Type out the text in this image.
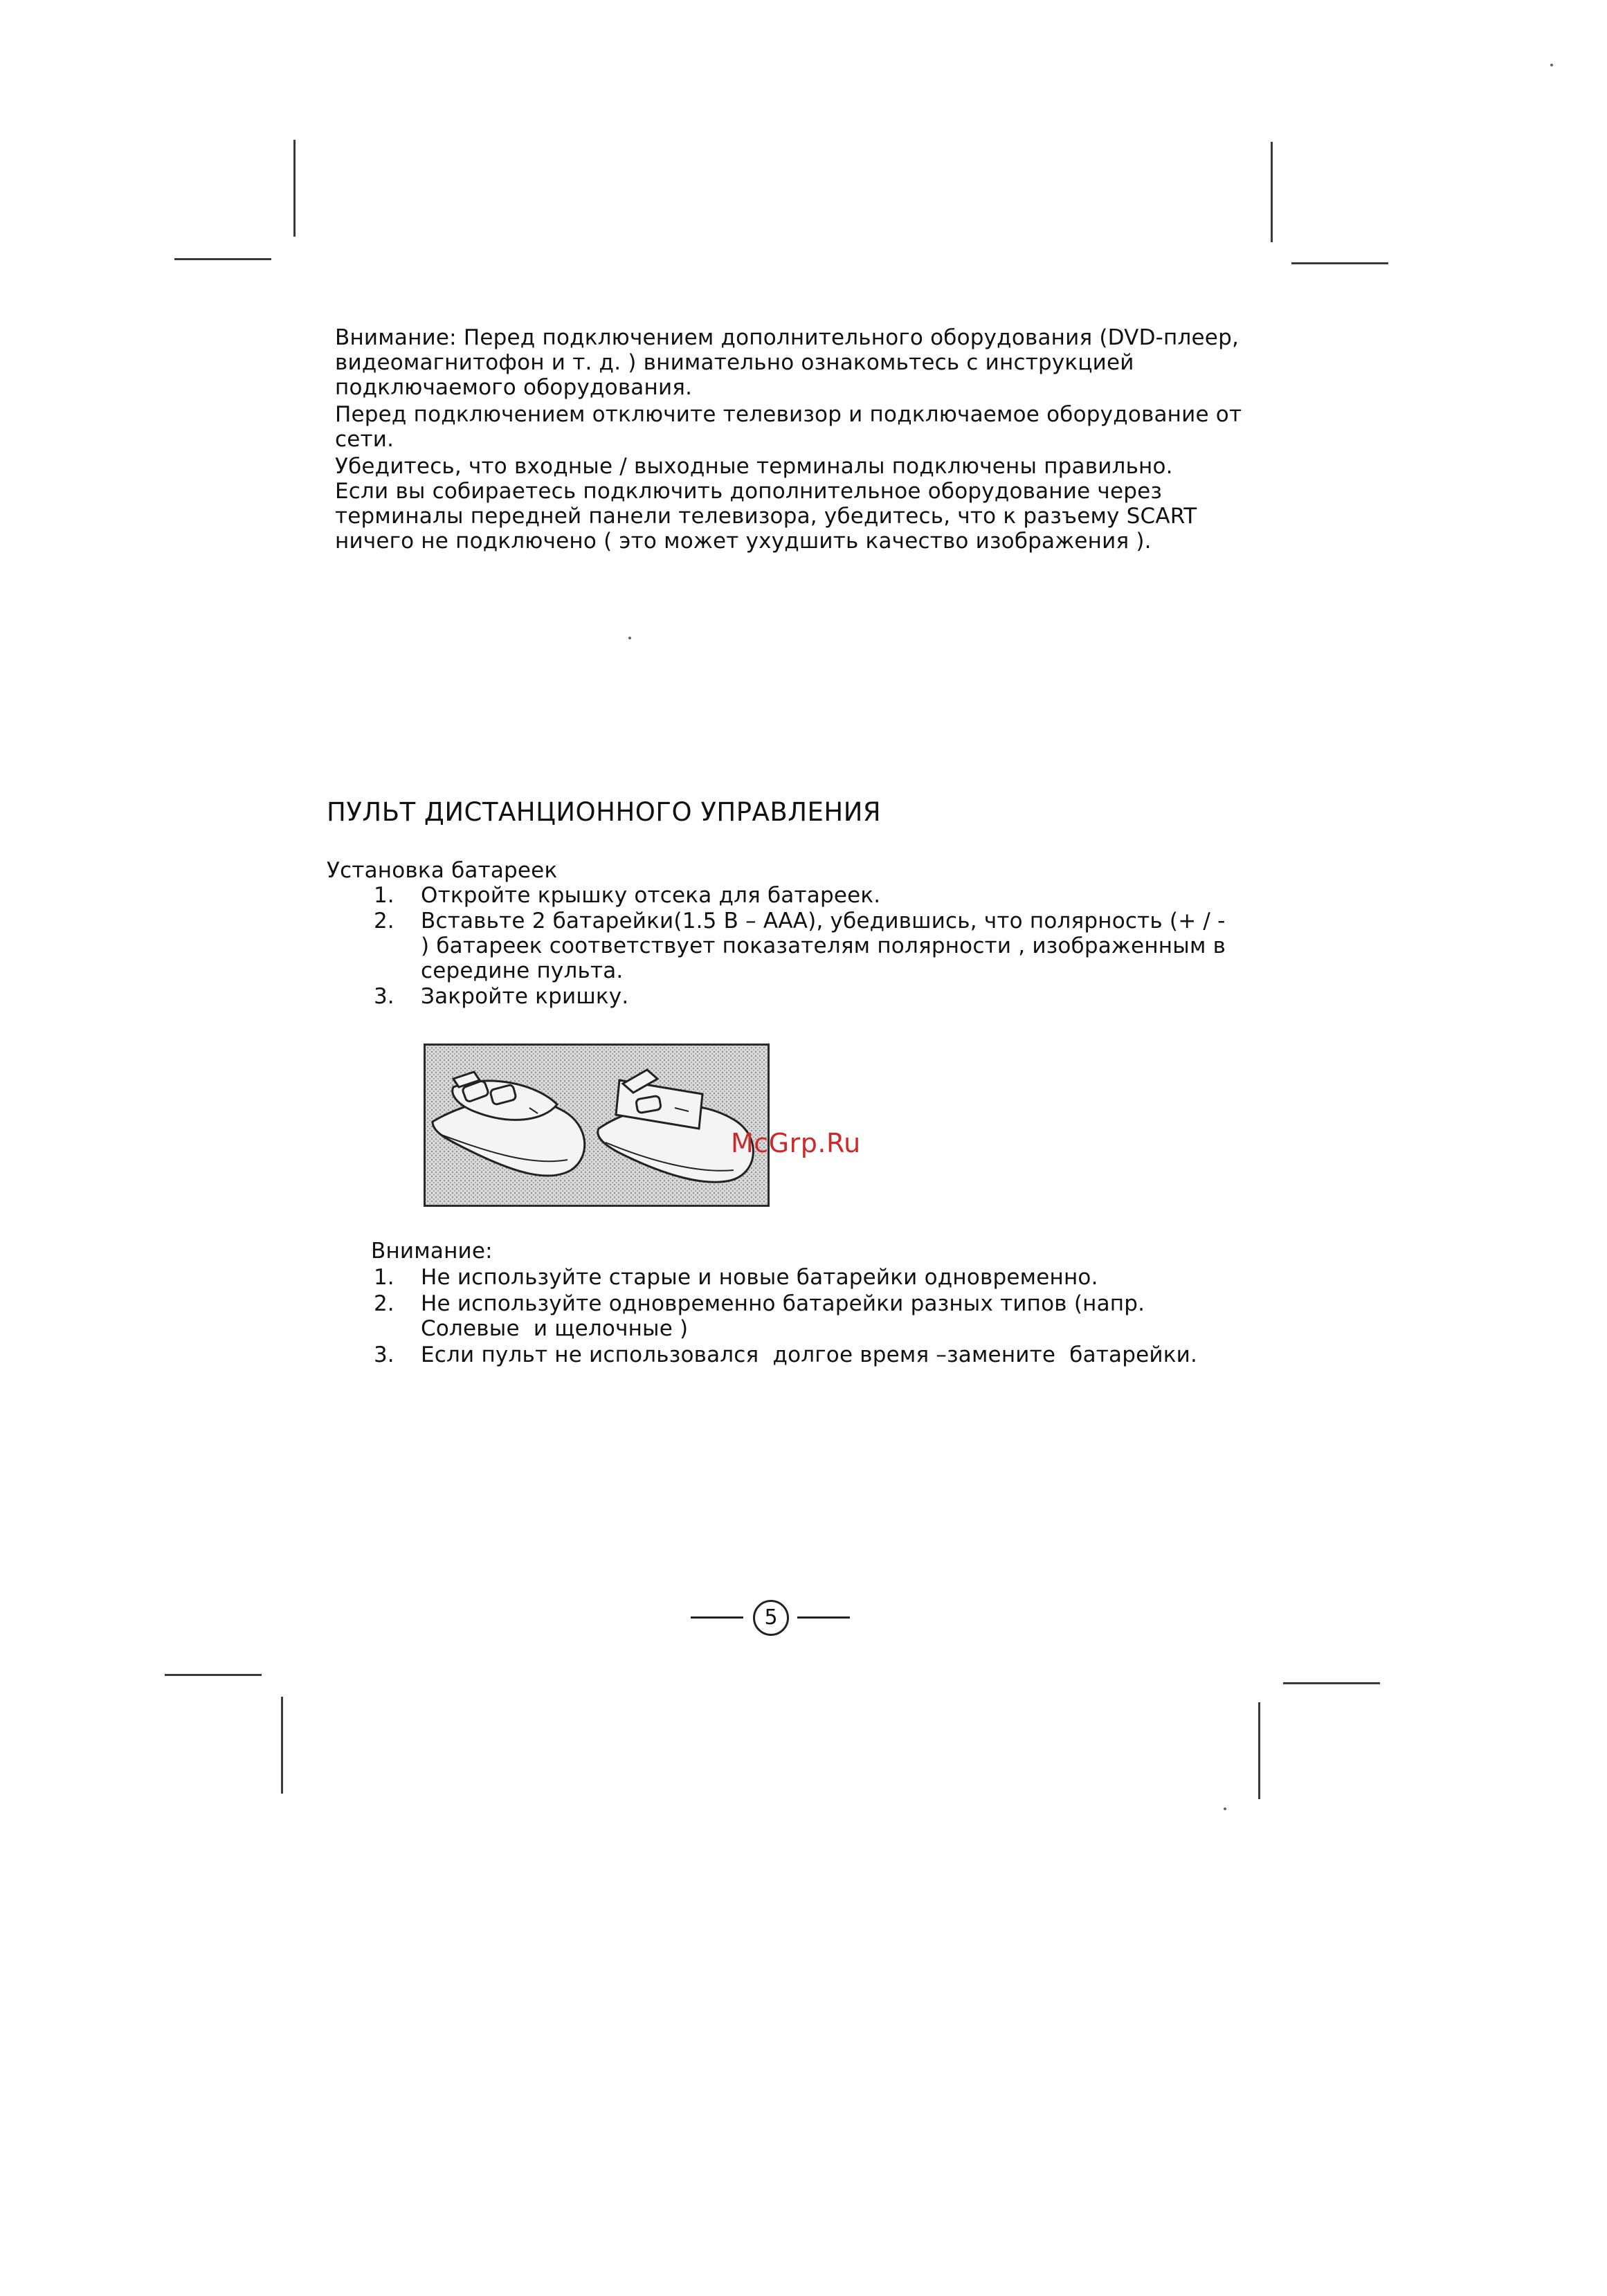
Внимание: Перед подключением дополнительного оборудования (DVD-плеер,
видеомагнитофон и т. д. ) внимательно ознакомьтесь с инструкцией
подключаемого оборудования.
Перед подключением отключите телевизор и подключаемое оборудование от
сети.
Убедитесь, что входные / выходные терминалы подключены правильно.
Если вы собираетесь подключить дополнительное оборудование через
терминалы передней панели телевизора, убедитесь, что к разъему SCART
ничего не подключено ( это может ухудшить качество изображения ).
ПУЛЬТ ДИСТАНЦИОННОГО УПРАВЛЕНИЯ
Установка батареек
1.	Откройте крышку отсека для батареек.
2.	Вставьте 2 батарейки(1.5 В – ААА), убедившись, что полярность (+ / -
) батареек соответствует показателям полярности , изображенным в
середине пульта.
3.	Закройте кришку.
McGrp.Ru
Внимание:
1.	Не используйте старые и новые батарейки одновременно.
2.	Не используйте одновременно батарейки разных типов (напр.
Солевые  и щелочные )
3.	Если пульт не использовался  долгое время –замените  батарейки.
5
